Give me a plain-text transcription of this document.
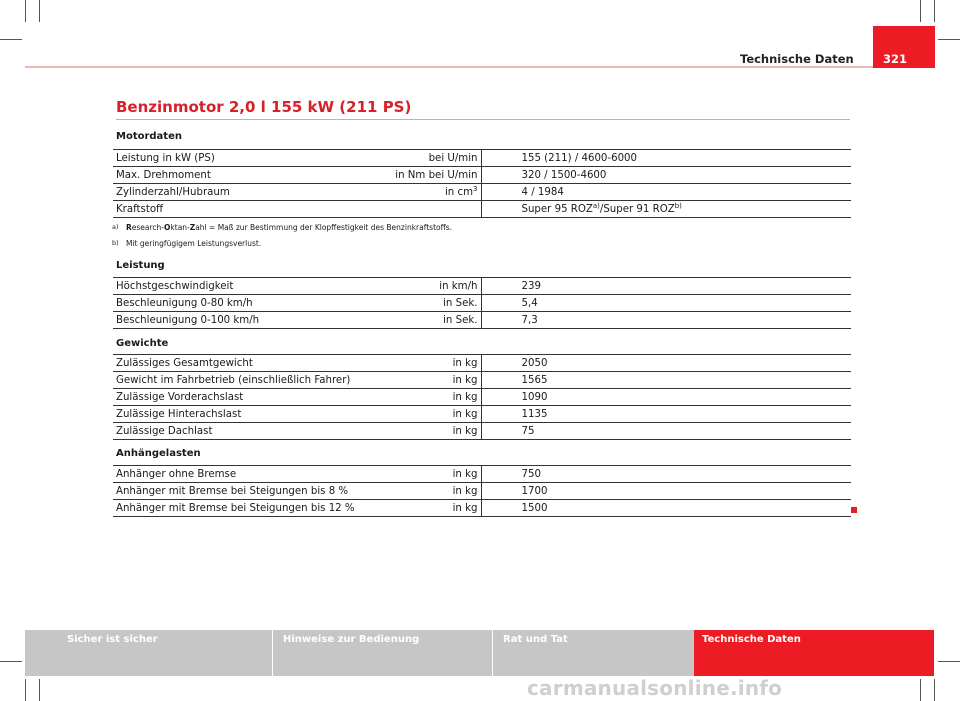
Technische Daten	321
Benzinmotor 2,0 l 155 kW (211 PS)
Motordaten
Leistung in kW (PS)	bei U/min	155 (211) / 4600-6000
Max. Drehmoment	in Nm bei U/min	320 / 1500-4600
Zylinderzahl/Hubraum	in $cm^3$	4 / 1984
Kraftstoff		Super 95 ROZ$^{a)}$/Super 91 ROZ$^{b)}$
a) Research-Oktan-Zahl = Maß zur Bestimmung der Klopffestigkeit des Benzinkraftstoffs.
b) Mit geringfügigem Leistungsverlust.
Leistung
Höchstgeschwindigkeit	in km/h	239
Beschleunigung 0-80 km/h	in Sek.	5,4
Beschleunigung 0-100 km/h	in Sek.	7,3
Gewichte
Zulässiges Gesamtgewicht	in kg	2050
Gewicht im Fahrbetrieb (einschließlich Fahrer)	in kg	1565
Zulässige Vorderachslast	in kg	1090
Zulässige Hinterachslast	in kg	1135
Zulässige Dachlast	in kg	75
Anhängelasten
Anhänger ohne Bremse	in kg	750
Anhänger mit Bremse bei Steigungen bis 8 %	in kg	1700
Anhänger mit Bremse bei Steigungen bis 12 %	in kg	1500
Sicher ist sicher	Hinweise zur Bedienung	Rat und Tat	Technische Daten
carmanualsonline.info
